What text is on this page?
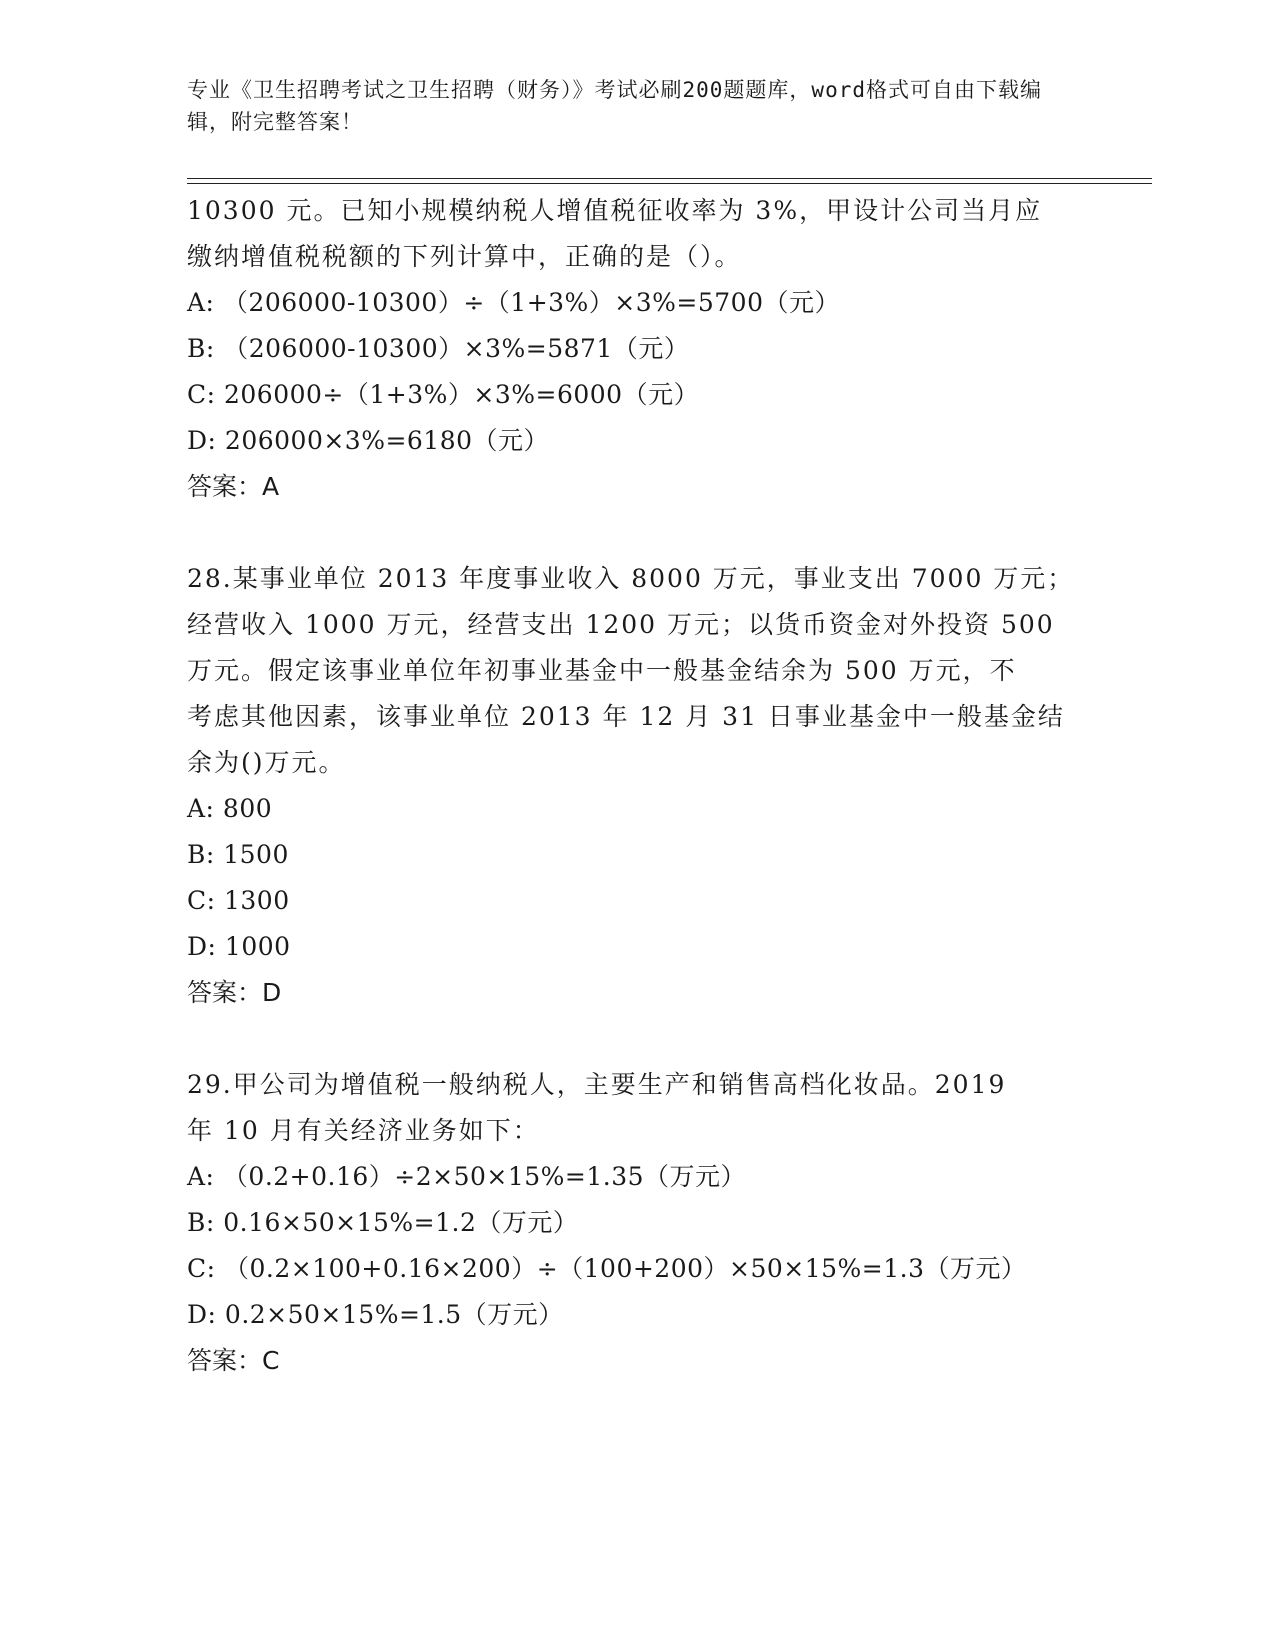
专业《卫生招聘考试之卫生招聘（财务）》考试必刷200题题库，word格式可自由下载编辑，附完整答案！

10300 元。已知小规模纳税人增值税征收率为 3%，甲设计公司当月应

缴纳增值税税额的下列计算中，正确的是（）。

A: （206000-10300）÷（1+3%）×3%=5700（元）

B: （206000-10300）×3%=5871（元）

C: 206000÷（1+3%）×3%=6000（元）

D: 206000×3%=6180（元）

答案：A

28.某事业单位 2013 年度事业收入 8000 万元，事业支出 7000 万元；

经营收入 1000 万元，经营支出 1200 万元；以货币资金对外投资 500

万元。假定该事业单位年初事业基金中一般基金结余为 500 万元，不

考虑其他因素，该事业单位 2013 年 12 月 31 日事业基金中一般基金结

余为()万元。

A: 800

B: 1500

C: 1300

D: 1000

答案：D

29.甲公司为增值税一般纳税人，主要生产和销售高档化妆品。2019

年 10 月有关经济业务如下：

A: （0.2+0.16）÷2×50×15%=1.35（万元）

B: 0.16×50×15%=1.2（万元）

C: （0.2×100+0.16×200）÷（100+200）×50×15%=1.3（万元）

D: 0.2×50×15%=1.5（万元）

答案：C
